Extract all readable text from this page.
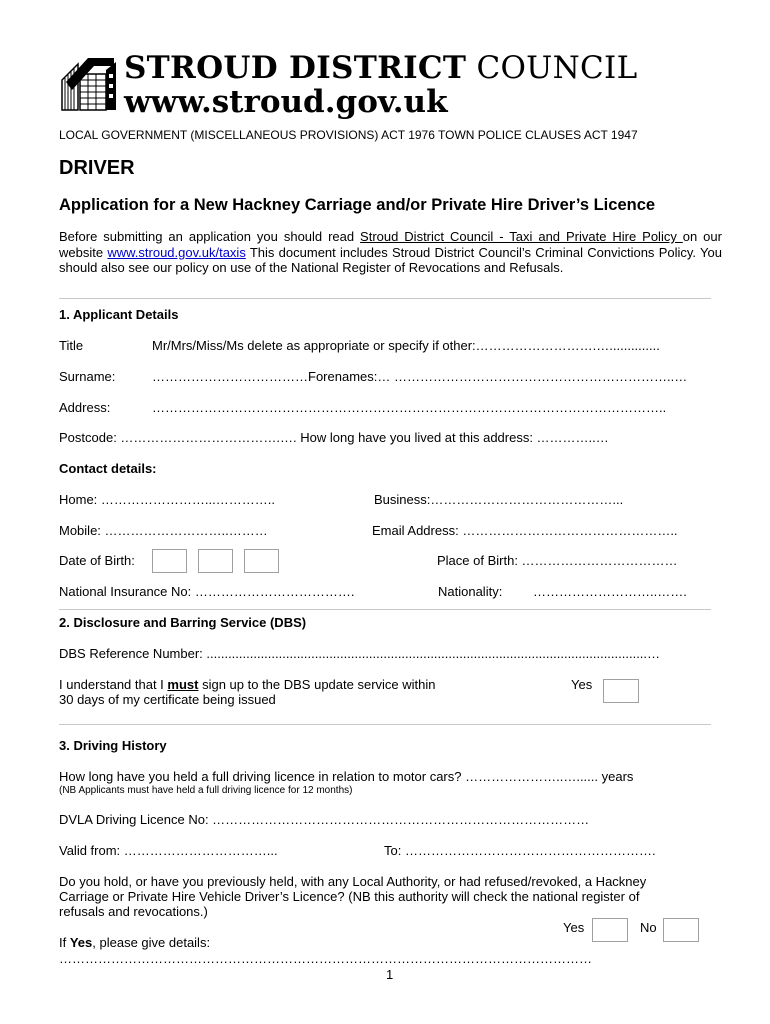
STROUD DISTRICT COUNCIL
www.stroud.gov.uk
LOCAL GOVERNMENT (MISCELLANEOUS PROVISIONS) ACT 1976 TOWN POLICE CLAUSES ACT 1947
DRIVER
Application for a New Hackney Carriage and/or Private Hire Driver’s Licence
Before submitting an application you should read Stroud District Council - Taxi and Private Hire Policy on our website www.stroud.gov.uk/taxis This document includes Stroud District Council’s Criminal Convictions Policy. You should also see our policy on use of the National Register of Revocations and Refusals.
1. Applicant Details
Title	Mr/Mrs/Miss/Ms delete as appropriate or specify if other:……………………….…..............
Surname:	………………………………Forenames:… ………………………………………………………..…
Address:	………………………………………………………………………………………………………..
Postcode: ……………………………….…. How long have you lived at this address: …………..…
Contact details:
Home: ……………………...…………..	Business:……………………………………...
Mobile: ………………………..………	Email Address: …………………………………………..
Date of Birth:	Place of Birth: ………………………………
National Insurance No: ……………………………….	Nationality: ………………………..…….
2. Disclosure and Barring Service (DBS)
DBS Reference Number: ..........................................................................................................................…
I understand that I must sign up to the DBS update service within
30 days of my certificate being issued
Yes
3. Driving History
How long have you held a full driving licence in relation to motor cars? …………………..…...... years
(NB Applicants must have held a full driving licence for 12 months)
DVLA Driving Licence No: ……………………………………………………………………………
Valid from: ……………………………...	To: ………………………………………………….
Do you hold, or have you previously held, with any Local Authority, or had refused/revoked, a Hackney
Carriage or Private Hire Vehicle Driver’s Licence? (NB this authority will check the national register of
refusals and revocations.)
Yes	No
If Yes, please give details:
……………………………………………………………………………………………………………
1
